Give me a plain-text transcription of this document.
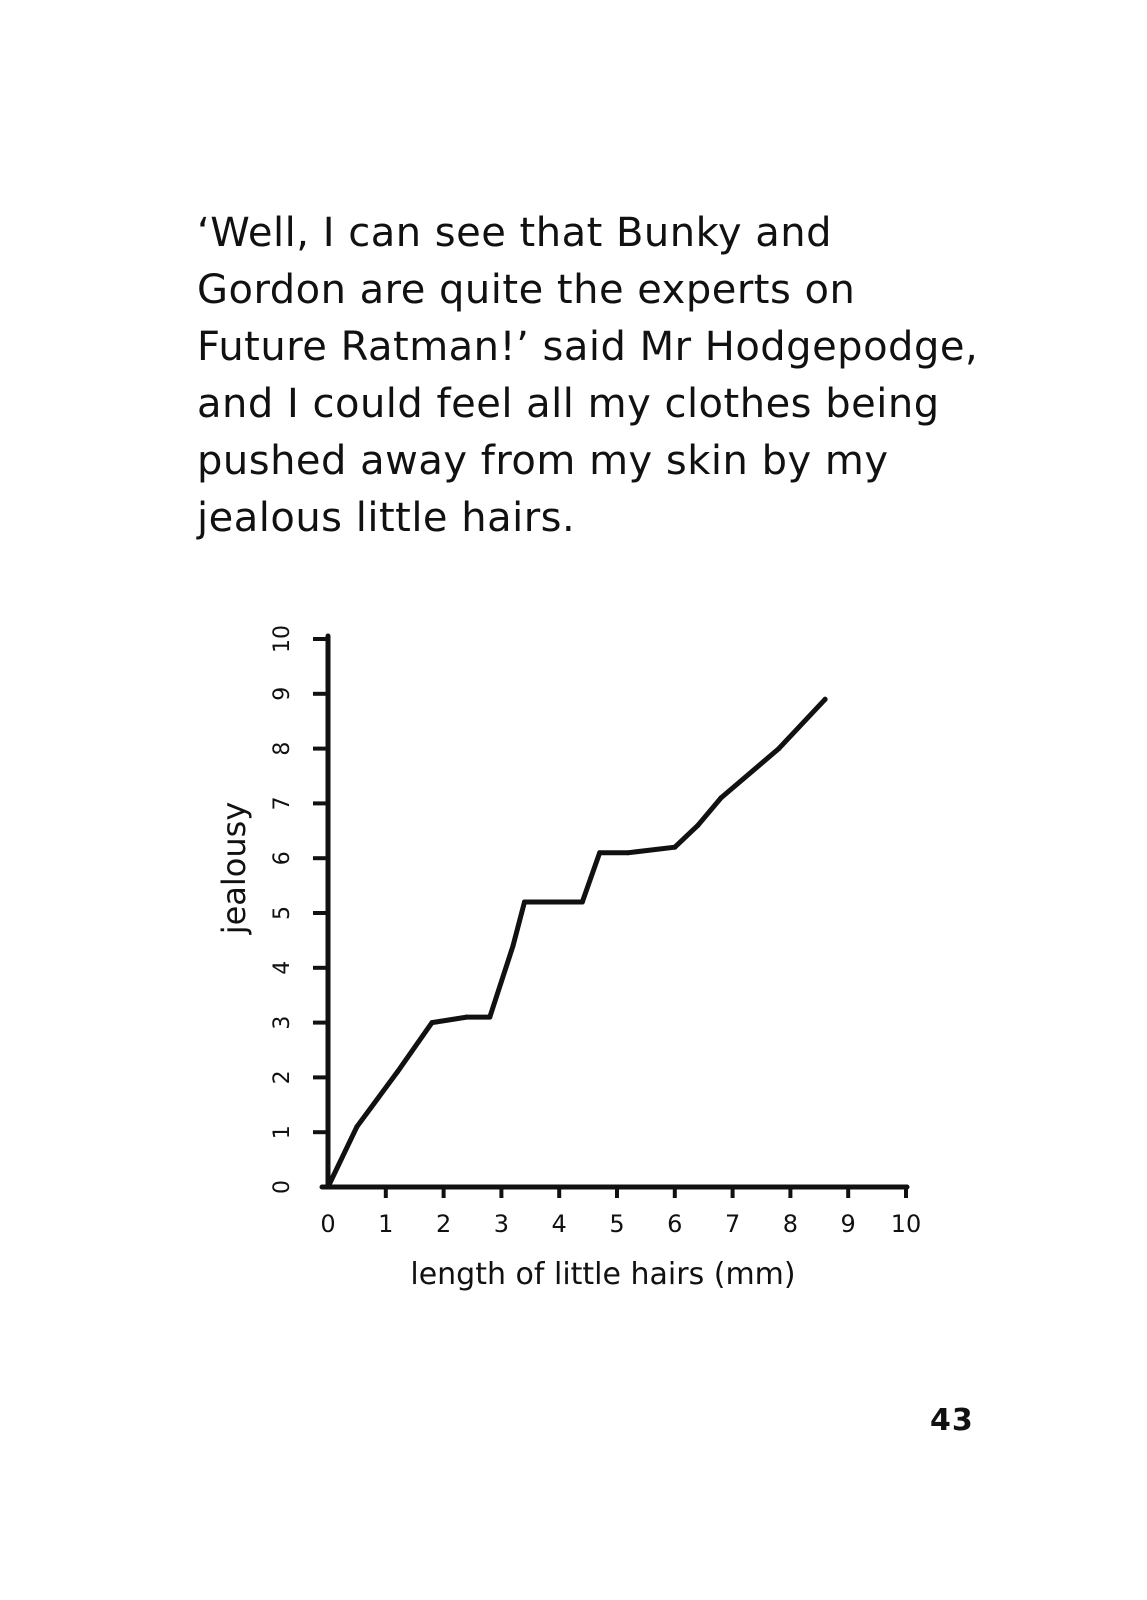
‘Well, I can see that Bunky and
Gordon are quite the experts on
Future Ratman!’ said Mr Hodgepodge,
and I could feel all my clothes being
pushed away from my skin by my
jealous little hairs.
0 1 2 3 4 5 6 7 8 9 10
0
1
2
3
4
5
6
7
8
9
10
length of little hairs (mm)
jealousy
43
